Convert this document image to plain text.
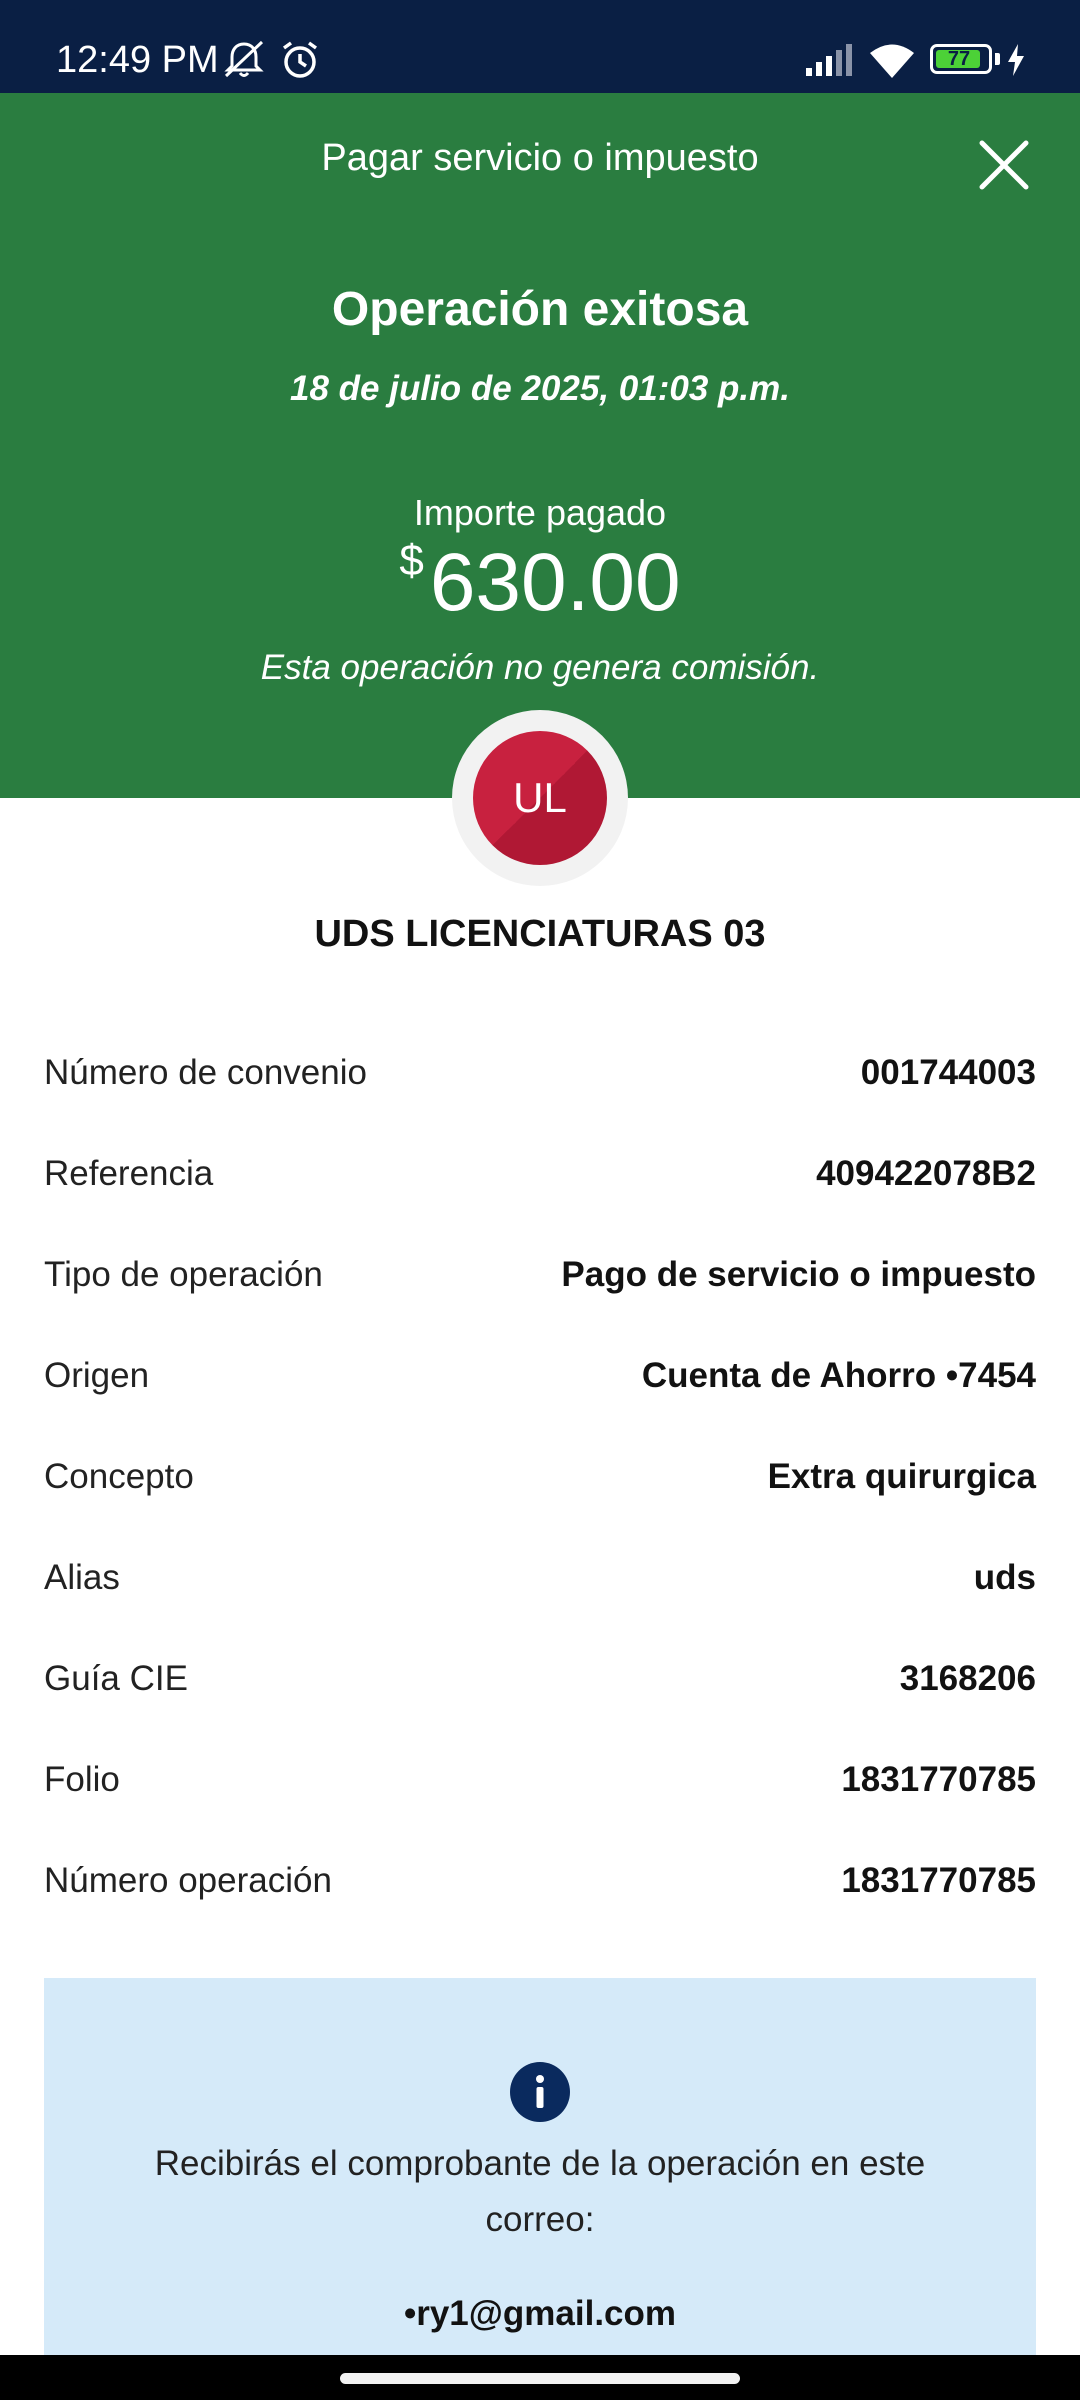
12:49 PM	77
Pagar servicio o impuesto
Operación exitosa
18 de julio de 2025, 01:03 p.m.
Importe pagado
$630.00
Esta operación no genera comisión.
UL
UDS LICENCIATURAS 03
Número de convenio	001744003
Referencia	409422078B2
Tipo de operación	Pago de servicio o impuesto
Origen	Cuenta de Ahorro •7454
Concepto	Extra quirurgica
Alias	uds
Guía CIE	3168206
Folio	1831770785
Número operación	1831770785
Recibirás el comprobante de la operación en este correo:
•ry1@gmail.com
